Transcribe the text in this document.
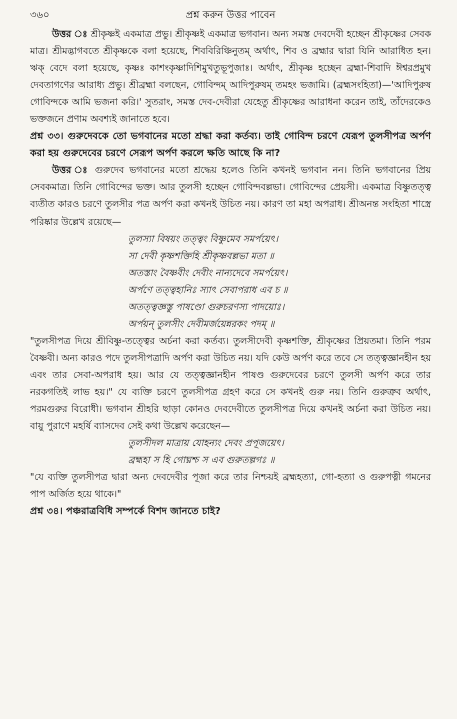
৩৬০	প্রশ্ন করুন উত্তর পাবেন

উত্তর ঃ শ্রীকৃষ্ণই একমাত্র প্রভু। শ্রীকৃষ্ণই একমাত্র ভগবান। অন্য সমস্ত দেবদেবী হচ্ছেন শ্রীকৃষ্ণের সেবক মাত্র। শ্রীমদ্ভাগবতে শ্রীকৃষ্ণকে বলা হয়েছে, শিববিরিঞ্চিনুতম্‌ অর্থাৎ, শিব ও ব্রহ্মার দ্বারা যিনি আরাধিত হন। ঋক্‌ বেদে বলা হয়েছে, কৃষ্ণঃ কাশংকৃষ্ণাদিশিমুখতুভূপুজাঃ। অর্থাৎ, শ্রীকৃষ্ণ হচ্ছেন ব্রহ্মা-শিবাদি ঈশ্বরপ্রমুখ দেবতাগণের আরাধ্য প্রভু। শ্রীব্রহ্মা বলছেন, গোবিন্দম্‌ আদিপুরুষম্‌ তমহং ভজামি। (ব্রহ্মসংহিতা)—'আদিপুরুষ গোবিন্দকে আমি ভজনা করি।' সুতরাং, সমস্ত দেব-দেবীরা যেহেতু শ্রীকৃষ্ণের আরাধনা করেন তাই, তাঁদেরকেও ভক্তজনে প্রণাম অবশ্যই জানাতে হবে।

প্রশ্ন ৩৩। গুরুদেবকে তো ভগবানের মতো শ্রদ্ধা করা কর্তব্য। তাই গোবিন্দ চরণে যেরূপ তুলসীপত্র অর্পণ করা হয় গুরুদেবের চরণে সেরূপ অর্পণ করলে ক্ষতি আছে কি না?

উত্তর ঃ গুরুদেব ভগবানের মতো শ্রদ্ধেয় হলেও তিনি কখনই ভগবান নন। তিনি ভগবানের প্রিয় সেবকমাত্র। তিনি গোবিন্দের ভক্ত। আর তুলসী হচ্ছেন গোবিন্দবল্লভা। গোবিন্দের প্রেয়সী। একমাত্র বিষ্ণুতত্ত্ব ব্যতীত কারও চরণে তুলসীর পত্র অর্পণ করা কখনই উচিত নয়। কারণ তা মহা অপরাধ। শ্রীঅনন্ত সংহিতা শাস্ত্রে পরিষ্কার উল্লেখ রয়েছে—

তুলস্যা বিষয়ং তত্ত্বং বিষ্ণুমেব সমর্পয়েৎ।
সা দেবী কৃষ্ণশক্তিহি শ্রীকৃষ্ণবল্লভা মতা ॥
অতস্তাং বৈষ্ণবীং দেবীং নান্যদেবে সমর্পয়েৎ।
অর্পণে তত্ত্বহানিঃ স্যাৎ সেবাপরাধ এব চ ॥
অতত্ত্বজ্ঞস্তু পাষণ্ডো গুরুচরণস্য পাদয়োঃ।
অর্পয়ন্‌ তুলসীং দেবীমর্জয়েন্নরকং পদম্‌ ॥

"তুলসীপত্র দিয়ে শ্রীবিষ্ণু-তত্ত্বের অর্চনা করা কর্তব্য। তুলসীদেবী কৃষ্ণশক্তি, শ্রীকৃষ্ণের প্রিয়তমা। তিনি পরম বৈষ্ণবী। অন্য কারও পদে তুলসীপত্রাদি অর্পণ করা উচিত নয়। যদি কেউ অর্পণ করে তবে সে তত্ত্বজ্ঞানহীন হয় এবং তার সেবা-অপরাধ হয়। আর যে তত্ত্বজ্ঞানহীন পাষণ্ড গুরুদেবের চরণে তুলসী অর্পণ করে তার নরকগতিই লাভ হয়।" যে ব্যক্তি চরণে তুলসীপত্র গ্রহণ করে সে কখনই গুরু নয়। তিনি গুরুত্রুব অর্থাৎ, পরমগুরুর বিরোধী। ভগবান শ্রীহরি ছাড়া কোনও দেবদেবীতে তুলসীপত্র দিয়ে কখনই অর্চনা করা উচিত নয়। বায়ু পুরাণে মহর্ষি ব্যাসদেব সেই কথা উল্লেখ করেছেন—

তুলসীদল মাত্রায় যোহন্যং দেবং প্রপূজয়েৎ।
ব্রহ্মহা স হি গোঘ্নশ্চ স এব গুরুতল্পগঃ ॥

"যে ব্যক্তি তুলসীপত্র দ্বারা অন্য দেবদেবীর পূজা করে তার নিশ্চয়ই ব্রহ্মহত্যা, গো-হত্যা ও গুরুপত্নী গমনের পাপ অর্জিত হয়ে থাকে।"

প্রশ্ন ৩৪। পঞ্চরাত্রবিধি সম্পর্কে বিশদ জানতে চাই?
